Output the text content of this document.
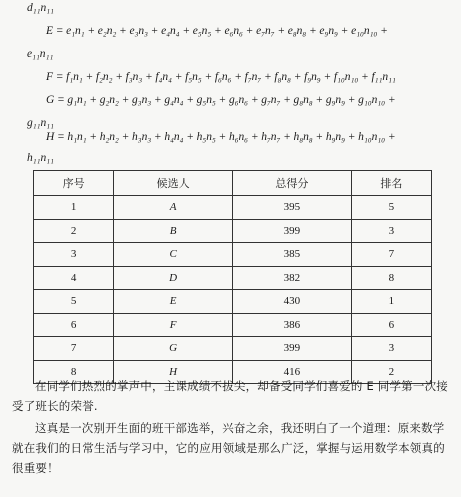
d₁₁n₁₁
E = e₁n₁ + e₂n₂ + e₃n₃ + e₄n₄ + e₅n₅ + e₆n₆ + e₇n₇ + e₈n₈ + e₉n₉ + e₁₀n₁₀ +
e₁₁n₁₁
F = f₁n₁ + f₂n₂ + f₃n₃ + f₄n₄ + f₅n₅ + f₆n₆ + f₇n₇ + f₈n₈ + f₉n₉ + f₁₀n₁₀ + f₁₁n₁₁
G = g₁n₁ + g₂n₂ + g₃n₃ + g₄n₄ + g₅n₅ + g₆n₆ + g₇n₇ + g₈n₈ + g₉n₉ + g₁₀n₁₀ +
g₁₁n₁₁
H = h₁n₁ + h₂n₂ + h₃n₃ + h₄n₄ + h₅n₅ + h₆n₆ + h₇n₇ + h₈n₈ + h₉n₉ + h₁₀n₁₀ +
h₁₁n₁₁
序号	候选人	总得分	排名
1	A	395	5
2	B	399	3
3	C	385	7
4	D	382	8
5	E	430	1
6	F	386	6
7	G	399	3
8	H	416	2
在同学们热烈的掌声中，主课成绩不拔尖，却备受同学们喜爱的 E 同学第一次接受了班长的荣誉.
这真是一次别开生面的班干部选举，兴奋之余，我还明白了一个道理：原来数学就在我们的日常生活与学习中，它的应用领域是那么广泛，掌握与运用数学本领真的很重要！
